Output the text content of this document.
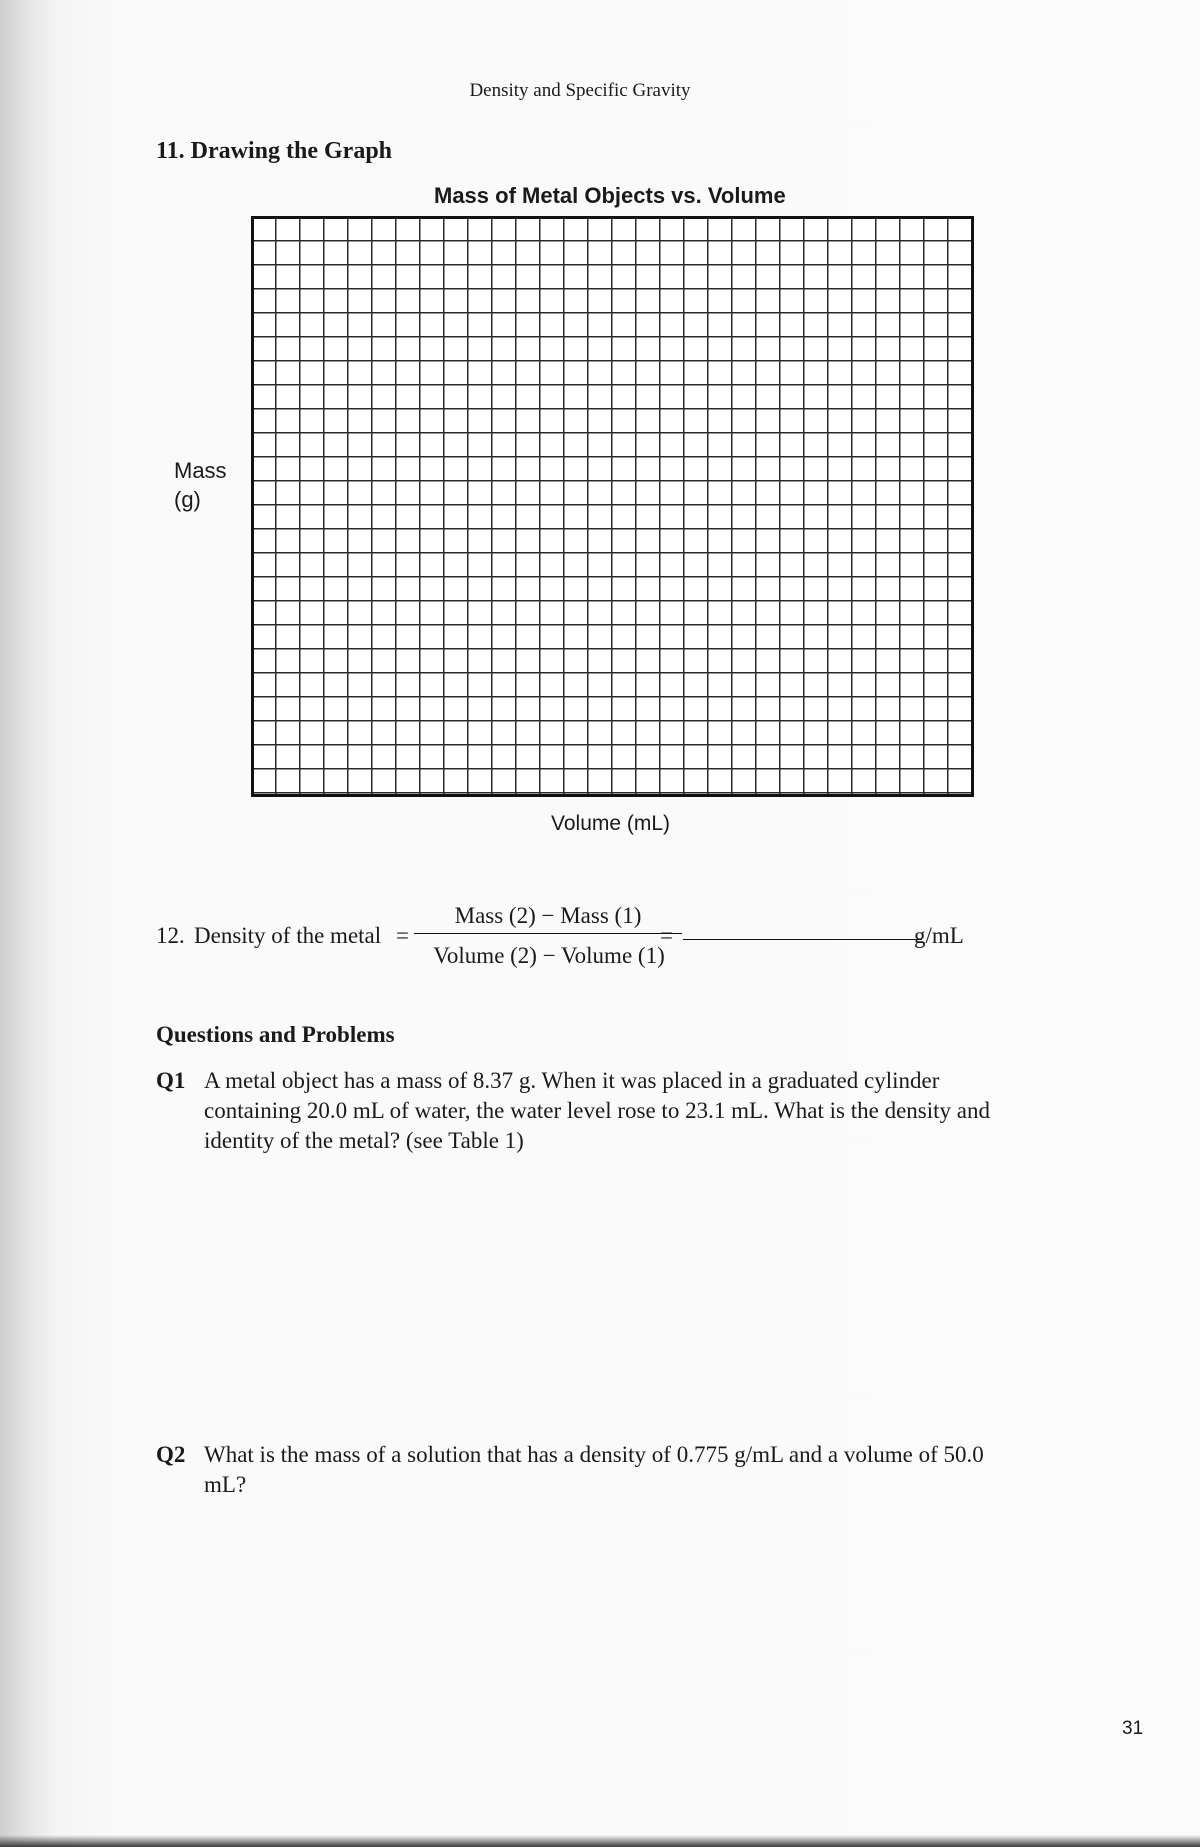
Density and Specific Gravity
11. Drawing the Graph
Mass of Metal Objects vs. Volume
Mass
(g)
Volume (mL)
12. Density of the metal =
Mass (2) − Mass (1)
Volume (2) − Volume (1)
=	g/mL
Questions and Problems
Q1 A metal object has a mass of 8.37 g. When it was placed in a graduated cylinder containing 20.0 mL of water, the water level rose to 23.1 mL. What is the density and identity of the metal? (see Table 1)
Q2 What is the mass of a solution that has a density of 0.775 g/mL and a volume of 50.0 mL?
31
